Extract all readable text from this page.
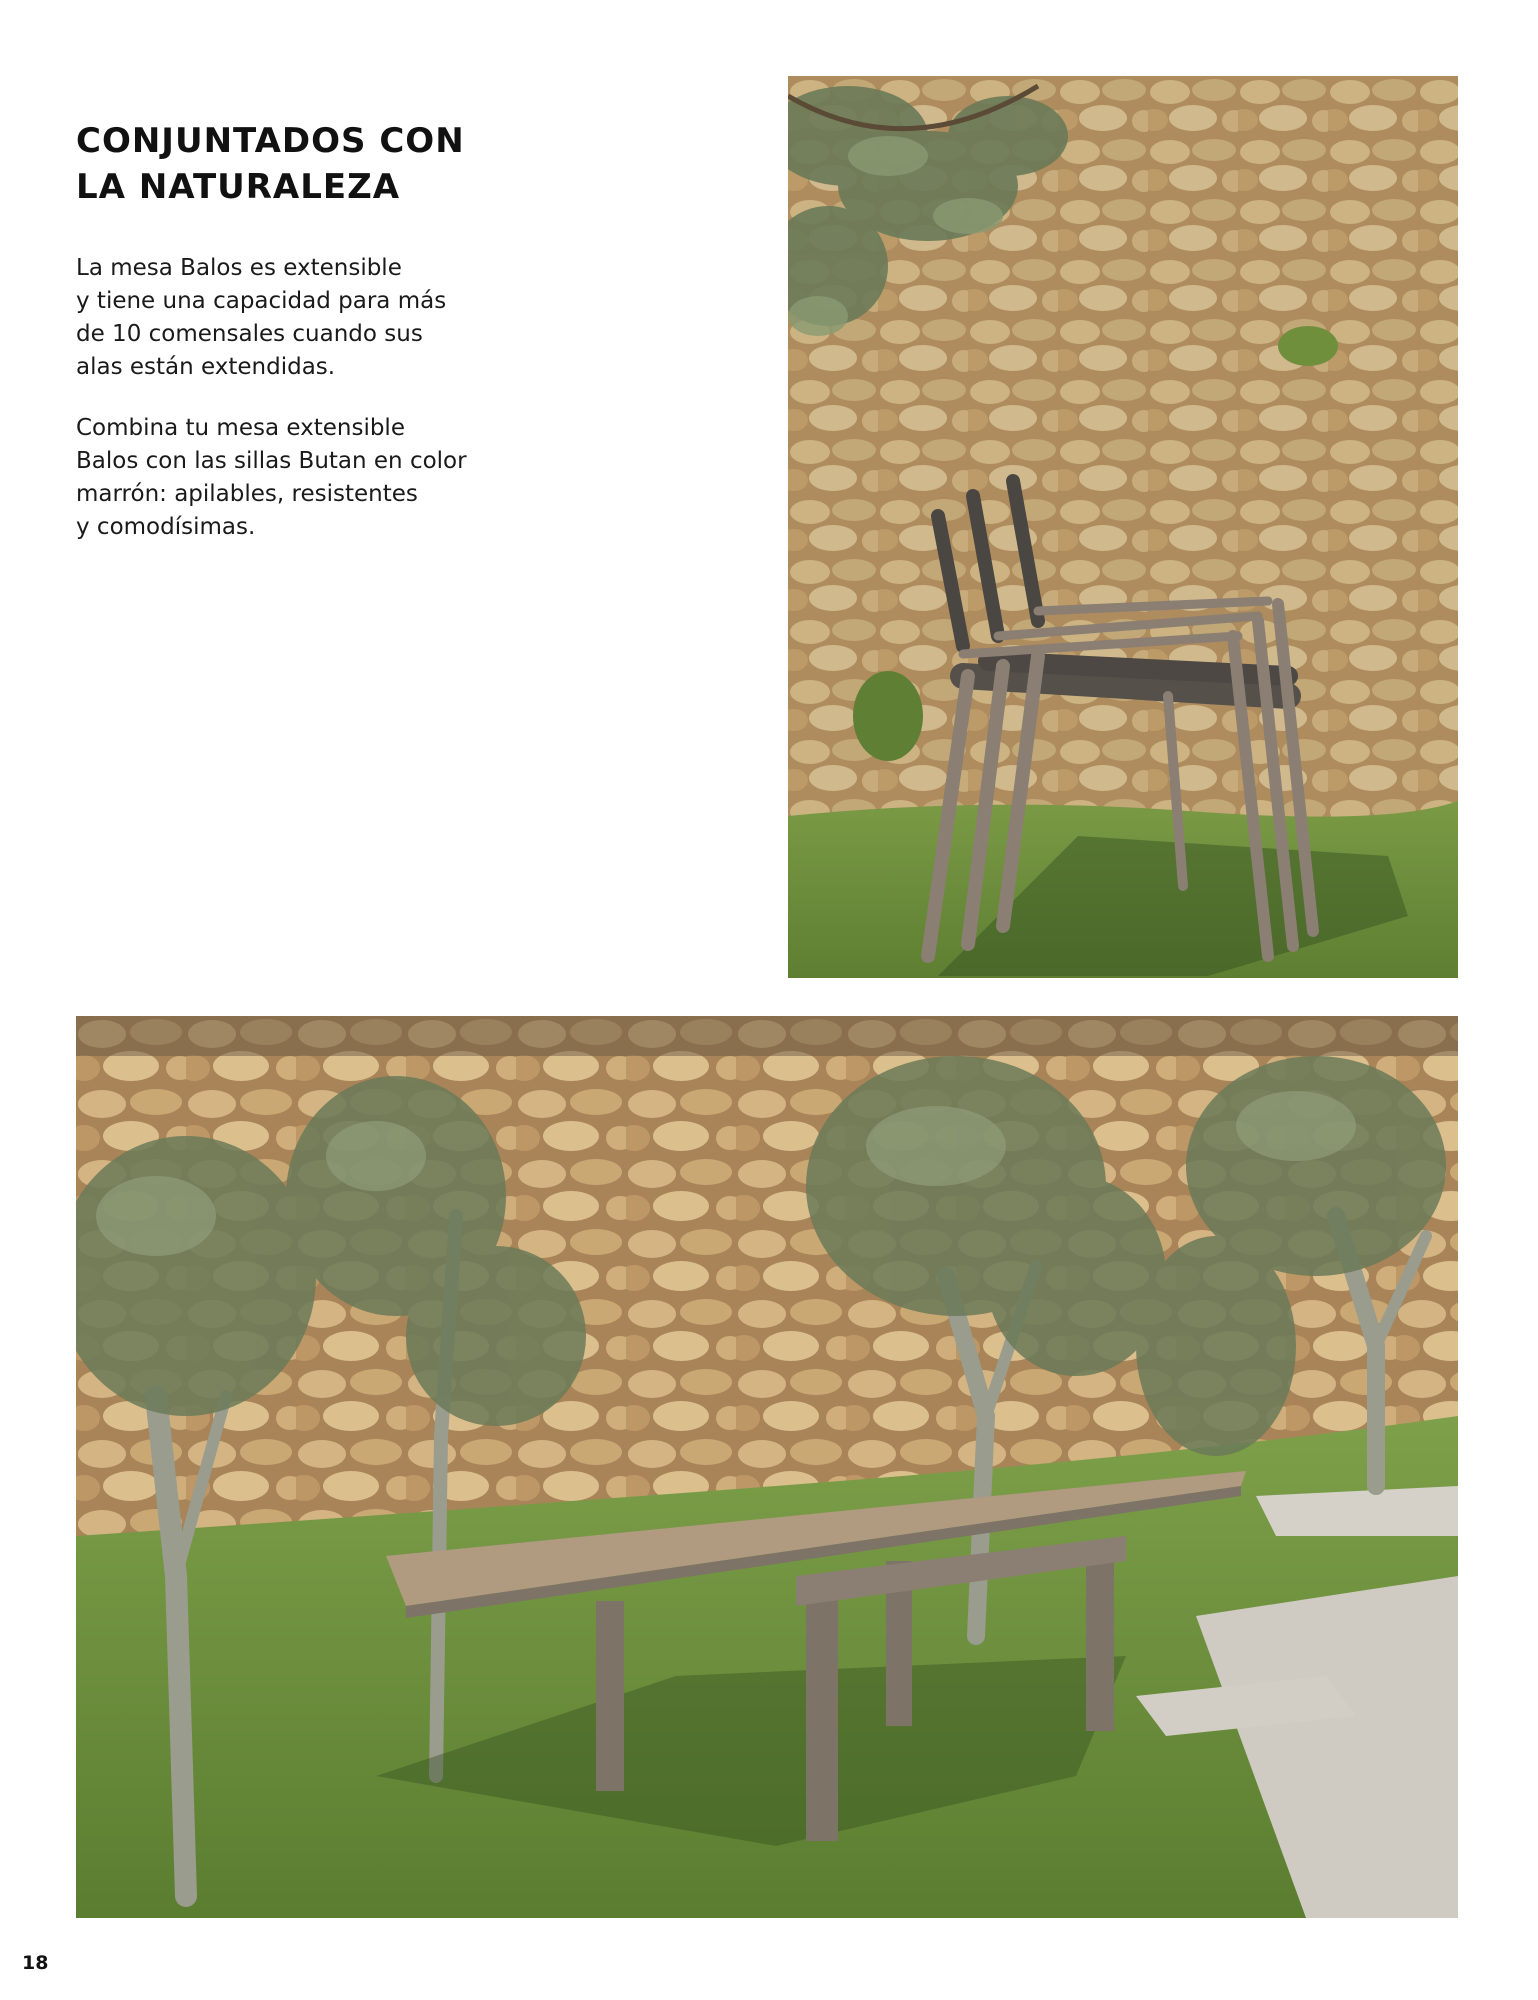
CONJUNTADOS CON
LA NATURALEZA

La mesa Balos es extensible
y tiene una capacidad para más
de 10 comensales cuando sus
alas están extendidas.

Combina tu mesa extensible
Balos con las sillas Butan en color
marrón: apilables, resistentes
y comodísimas.

18
